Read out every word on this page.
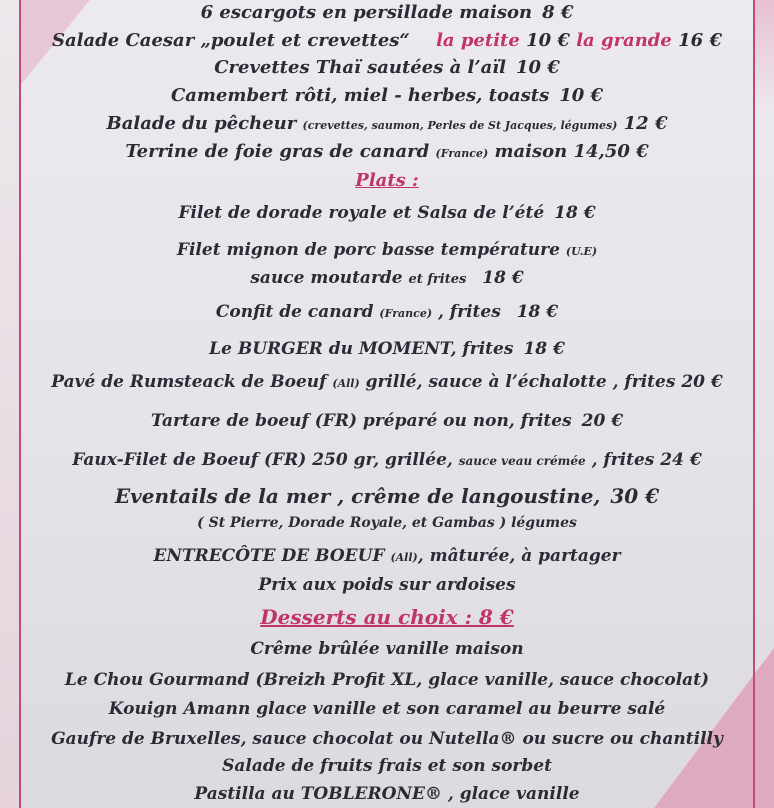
6 escargots en persillade maison 8 €
Salade Caesar „poulet et crevettes“ la petite 10 € la grande 16 €
Crevettes Thaï sautées à l’aïl 10 €
Camembert rôti, miel - herbes, toasts 10 €
Balade du pêcheur (crevettes, saumon, Perles de St Jacques, légumes) 12 €
Terrine de foie gras de canard (France) maison 14,50 €
Plats :
Filet de dorade royale et Salsa de l’été 18 €
Filet mignon de porc basse température (U.E)
sauce moutarde et frites 18 €
Confit de canard (France) , frites 18 €
Le BURGER du MOMENT, frites 18 €
Pavé de Rumsteack de Boeuf (All) grillé, sauce à l’échalotte , frites 20 €
Tartare de boeuf (FR) préparé ou non, frites 20 €
Faux-Filet de Boeuf (FR) 250 gr, grillée, sauce veau crémée , frites 24 €
Eventails de la mer , crême de langoustine, 30 €
( St Pierre, Dorade Royale, et Gambas ) légumes
ENTRECÔTE DE BOEUF (All), mâturée, à partager
Prix aux poids sur ardoises
Desserts au choix : 8 €
Crême brûlée vanille maison
Le Chou Gourmand (Breizh Profit XL, glace vanille, sauce chocolat)
Kouign Amann glace vanille et son caramel au beurre salé
Gaufre de Bruxelles, sauce chocolat ou Nutella® ou sucre ou chantilly
Salade de fruits frais et son sorbet
Pastilla au TOBLERONE® , glace vanille
